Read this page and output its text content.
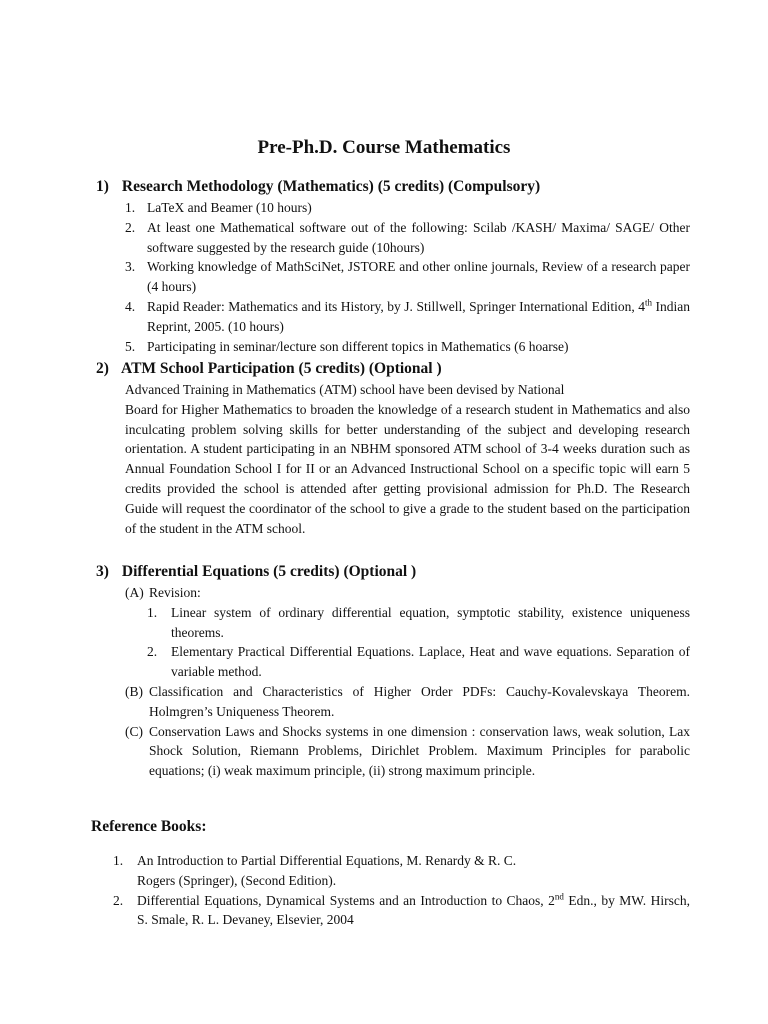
Pre-Ph.D. Course Mathematics
1) Research Methodology (Mathematics) (5 credits) (Compulsory)
1. LaTeX and Beamer (10 hours)
2. At least one Mathematical software out of the following: Scilab /KASH/ Maxima/ SAGE/ Other software suggested by the research guide (10hours)
3. Working knowledge of MathSciNet, JSTORE and other online journals, Review of a research paper (4 hours)
4. Rapid Reader: Mathematics and its History, by J. Stillwell, Springer International Edition, 4th Indian Reprint, 2005. (10 hours)
5. Participating in seminar/lecture son different topics in Mathematics (6 hoarse)
2) ATM School Participation (5 credits) (Optional )

Advanced Training in Mathematics (ATM) school have been devised by National
Board for Higher Mathematics to broaden the knowledge of a research student in Mathematics and also inculcating problem solving skills for better understanding of the subject and developing research orientation. A student participating in an NBHM sponsored ATM school of 3-4 weeks duration such as Annual Foundation School I for II or an Advanced Instructional School on a specific topic will earn 5 credits provided the school is attended after getting provisional admission for Ph.D. The Research Guide will request the coordinator of the school to give a grade to the student based on the participation of the student in the ATM school.

3) Differential Equations (5 credits) (Optional )
(A) Revision:
1. Linear system of ordinary differential equation, symptotic stability, existence uniqueness theorems.
2. Elementary Practical Differential Equations. Laplace, Heat and wave equations. Separation of variable method.
(B) Classification and Characteristics of Higher Order PDFs: Cauchy-Kovalevskaya Theorem. Holmgren’s Uniqueness Theorem.
(C) Conservation Laws and Shocks systems in one dimension : conservation laws, weak solution, Lax Shock Solution, Riemann Problems, Dirichlet Problem. Maximum Principles for parabolic equations; (i) weak maximum principle, (ii) strong maximum principle.
Reference Books:
1. An Introduction to Partial Differential Equations, M. Renardy & R. C.
Rogers (Springer), (Second Edition).
2. Differential Equations, Dynamical Systems and an Introduction to Chaos, 2nd Edn., by MW. Hirsch, S. Smale, R. L. Devaney, Elsevier, 2004
